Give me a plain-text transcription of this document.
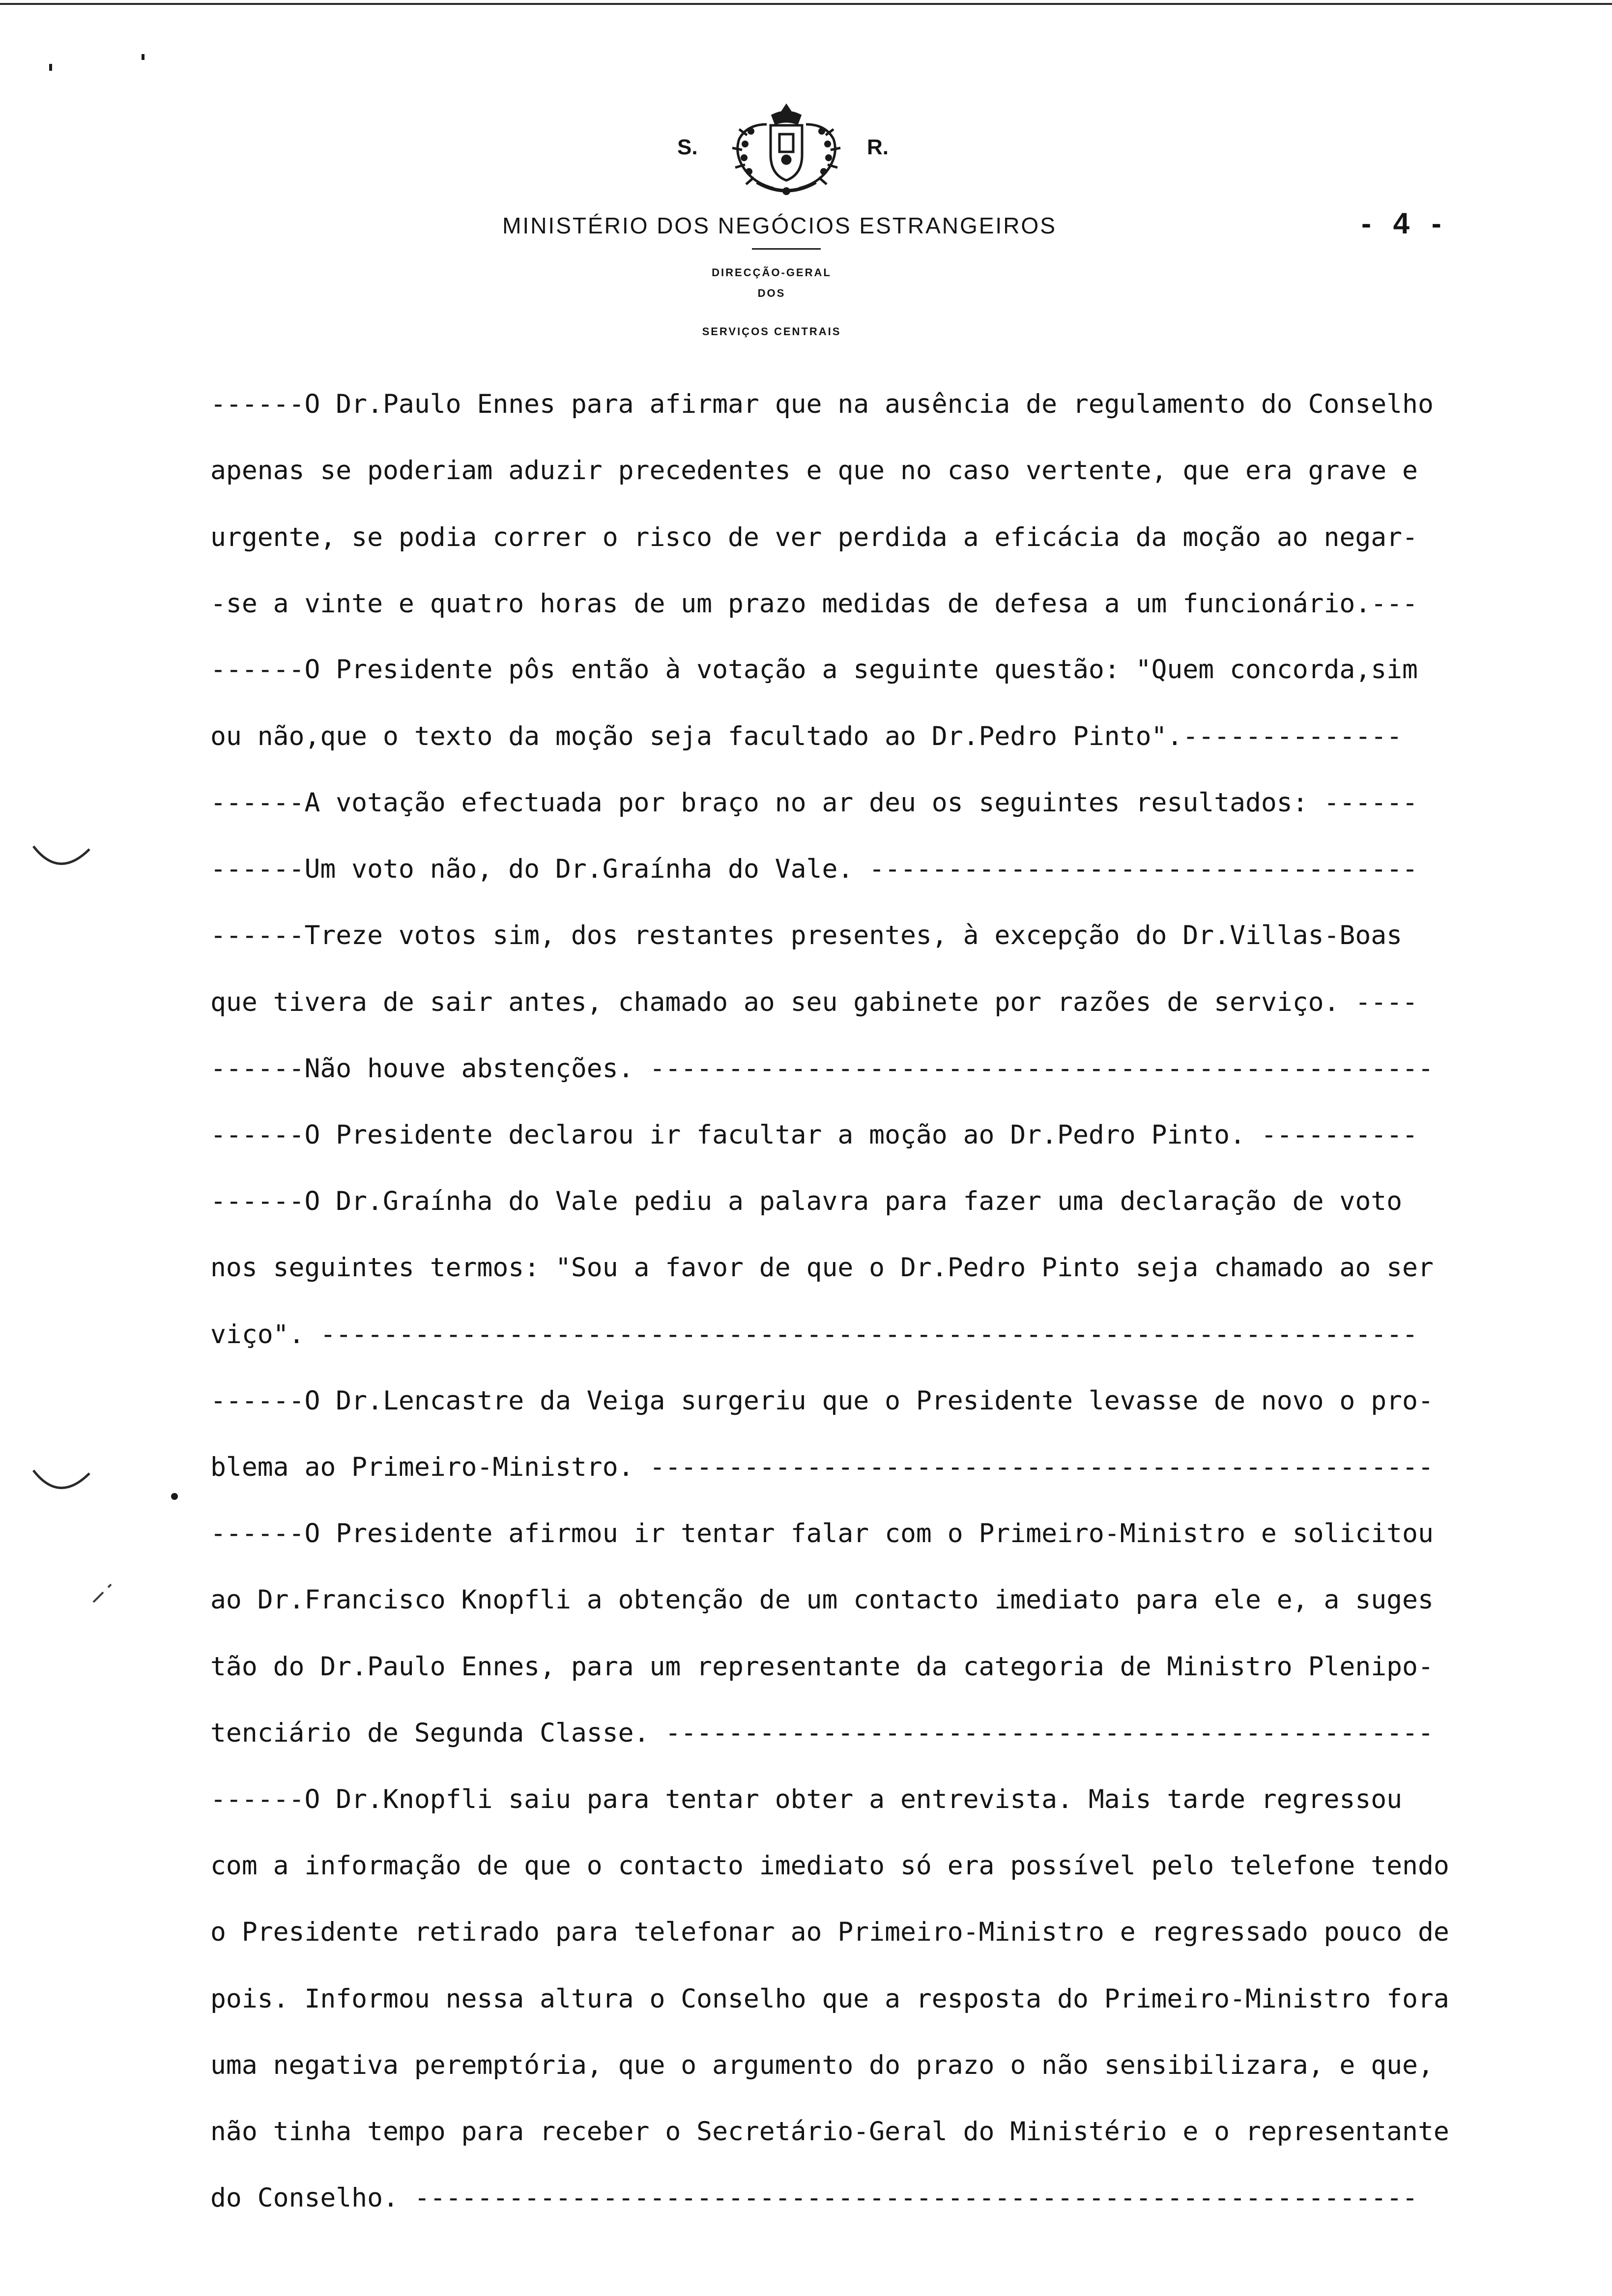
S.	R.
MINISTÉRIO DOS NEGÓCIOS ESTRANGEIROS	- 4 -
DIRECÇÃO-GERAL
DOS
SERVIÇOS CENTRAIS
------O Dr.Paulo Ennes para afirmar que na ausência de regulamento do Conselho
apenas se poderiam aduzir precedentes e que no caso vertente, que era grave e
urgente, se podia correr o risco de ver perdida a eficácia da moção ao negar-
-se a vinte e quatro horas de um prazo medidas de defesa a um funcionário.---
------O Presidente pôs então à votação a seguinte questão: "Quem concorda,sim
ou não,que o texto da moção seja facultado ao Dr.Pedro Pinto".--------------
------A votação efectuada por braço no ar deu os seguintes resultados: ------
------Um voto não, do Dr.Graínha do Vale. -----------------------------------
------Treze votos sim, dos restantes presentes, à excepção do Dr.Villas-Boas
que tivera de sair antes, chamado ao seu gabinete por razões de serviço. ----
------Não houve abstenções. --------------------------------------------------
------O Presidente declarou ir facultar a moção ao Dr.Pedro Pinto. ----------
------O Dr.Graínha do Vale pediu a palavra para fazer uma declaração de voto
nos seguintes termos: "Sou a favor de que o Dr.Pedro Pinto seja chamado ao ser
viço". ----------------------------------------------------------------------
------O Dr.Lencastre da Veiga surgeriu que o Presidente levasse de novo o pro-
blema ao Primeiro-Ministro. --------------------------------------------------
------O Presidente afirmou ir tentar falar com o Primeiro-Ministro e solicitou
ao Dr.Francisco Knopfli a obtenção de um contacto imediato para ele e, a suges
tão do Dr.Paulo Ennes, para um representante da categoria de Ministro Plenipo-
tenciário de Segunda Classe. -------------------------------------------------
------O Dr.Knopfli saiu para tentar obter a entrevista. Mais tarde regressou
com a informação de que o contacto imediato só era possível pelo telefone tendo
o Presidente retirado para telefonar ao Primeiro-Ministro e regressado pouco de
pois. Informou nessa altura o Conselho que a resposta do Primeiro-Ministro fora
uma negativa peremptória, que o argumento do prazo o não sensibilizara, e que,
não tinha tempo para receber o Secretário-Geral do Ministério e o representante
do Conselho. ----------------------------------------------------------------
